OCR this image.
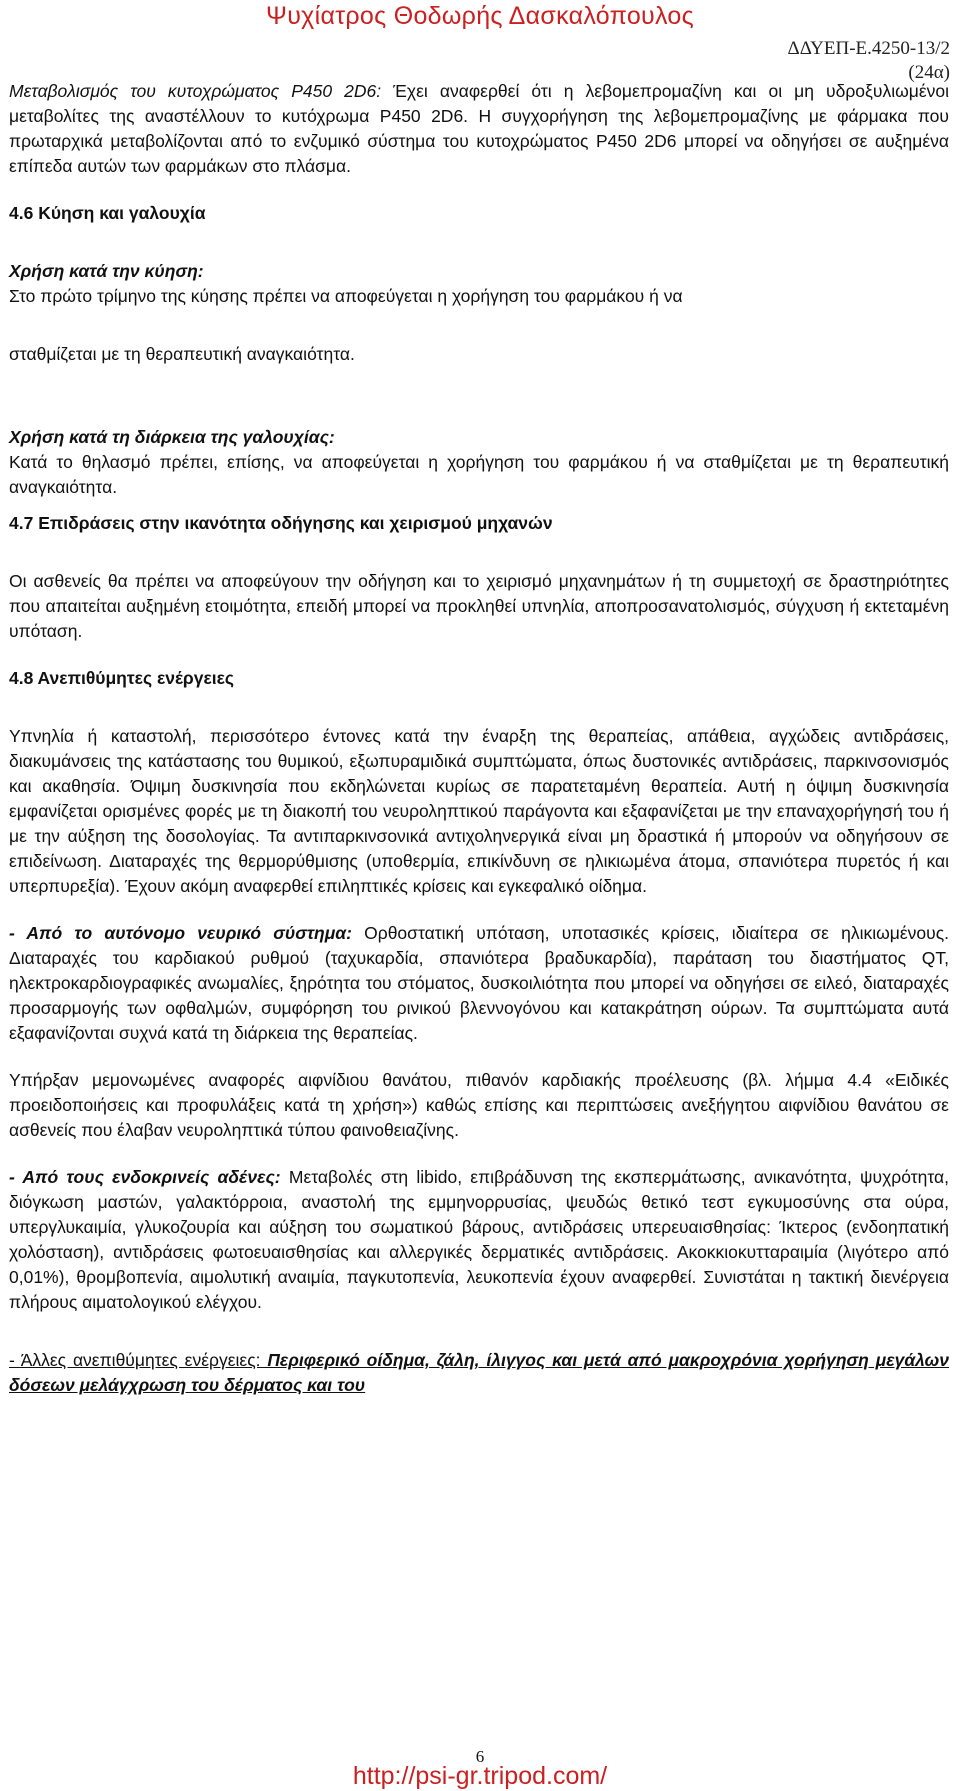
Ψυχίατρος Θοδωρής Δασκαλόπουλος
ΔΔΥΕΠ-Ε.4250-13/2
(24α)

Μεταβολισμός του κυτοχρώματος P450 2D6: Έχει αναφερθεί ότι η λεβομεπρομαζίνη και οι μη υδροξυλιωμένοι μεταβολίτες της αναστέλλουν το κυτόχρωμα P450 2D6. Η συγχορήγηση της λεβομεπρομαζίνης με φάρμακα που πρωταρχικά μεταβολίζονται από το ενζυμικό σύστημα του κυτοχρώματος P450 2D6 μπορεί να οδηγήσει σε αυξημένα επίπεδα αυτών των φαρμάκων στο πλάσμα.

4.6 Κύηση και γαλουχία

Χρήση κατά την κύηση:

Στο πρώτο τρίμηνο της κύησης πρέπει να αποφεύγεται η χορήγηση του φαρμάκου ή να

σταθμίζεται με τη θεραπευτική αναγκαιότητα.

Χρήση κατά τη διάρκεια της γαλουχίας:

Κατά το θηλασμό πρέπει, επίσης, να αποφεύγεται η χορήγηση του φαρμάκου ή να σταθμίζεται με τη θεραπευτική αναγκαιότητα.

4.7 Επιδράσεις στην ικανότητα οδήγησης και χειρισμού μηχανών

Οι ασθενείς θα πρέπει να αποφεύγουν την οδήγηση και το χειρισμό μηχανημάτων ή τη συμμετοχή σε δραστηριότητες που απαιτείται αυξημένη ετοιμότητα, επειδή μπορεί να προκληθεί υπνηλία, αποπροσανατολισμός, σύγχυση ή εκτεταμένη υπόταση.

4.8 Ανεπιθύμητες ενέργειες

Υπνηλία ή καταστολή, περισσότερο έντονες κατά την έναρξη της θεραπείας, απάθεια, αγχώδεις αντιδράσεις, διακυμάνσεις της κατάστασης του θυμικού, εξωπυραμιδικά συμπτώματα, όπως δυστονικές αντιδράσεις, παρκινσονισμός και ακαθησία. Όψιμη δυσκινησία που εκδηλώνεται κυρίως σε παρατεταμένη θεραπεία. Αυτή η όψιμη δυσκινησία εμφανίζεται ορισμένες φορές με τη διακοπή του νευροληπτικού παράγοντα και εξαφανίζεται με την επαναχορήγησή του ή με την αύξηση της δοσολογίας. Τα αντιπαρκινσονικά αντιχοληνεργικά είναι μη δραστικά ή μπορούν να οδηγήσουν σε επιδείνωση. Διαταραχές της θερμορύθμισης (υποθερμία, επικίνδυνη σε ηλικιωμένα άτομα, σπανιότερα πυρετός ή και υπερπυρεξία). Έχουν ακόμη αναφερθεί επιληπτικές κρίσεις και εγκεφαλικό οίδημα.

- Από το αυτόνομο νευρικό σύστημα: Ορθοστατική υπόταση, υποτασικές κρίσεις, ιδιαίτερα σε ηλικιωμένους. Διαταραχές του καρδιακού ρυθμού (ταχυκαρδία, σπανιότερα βραδυκαρδία), παράταση του διαστήματος QT, ηλεκτροκαρδιογραφικές ανωμαλίες, ξηρότητα του στόματος, δυσκοιλιότητα που μπορεί να οδηγήσει σε ειλεό, διαταραχές προσαρμογής των οφθαλμών, συμφόρηση του ρινικού βλεννογόνου και κατακράτηση ούρων. Τα συμπτώματα αυτά εξαφανίζονται συχνά κατά τη διάρκεια της θεραπείας.

Υπήρξαν μεμονωμένες αναφορές αιφνίδιου θανάτου, πιθανόν καρδιακής προέλευσης (βλ. λήμμα 4.4 «Ειδικές προειδοποιήσεις και προφυλάξεις κατά τη χρήση») καθώς επίσης και περιπτώσεις ανεξήγητου αιφνίδιου θανάτου σε ασθενείς που έλαβαν νευροληπτικά τύπου φαινοθειαζίνης.

- Από τους ενδοκρινείς αδένες: Μεταβολές στη libido, επιβράδυνση της εκσπερμάτωσης, ανικανότητα, ψυχρότητα, διόγκωση μαστών, γαλακτόρροια, αναστολή της εμμηνορρυσίας, ψευδώς θετικό τεστ εγκυμοσύνης στα ούρα, υπεργλυκαιμία, γλυκοζουρία και αύξηση του σωματικού βάρους, αντιδράσεις υπερευαισθησίας: Ίκτερος (ενδοηπατική χολόσταση), αντιδράσεις φωτοευαισθησίας και αλλεργικές δερματικές αντιδράσεις. Ακοκκιοκυτταραιμία (λιγότερο από 0,01%), θρομβοπενία, αιμολυτική αναιμία, παγκυτοπενία, λευκοπενία έχουν αναφερθεί. Συνιστάται η τακτική διενέργεια πλήρους αιματολογικού ελέγχου.

- Άλλες ανεπιθύμητες ενέργειες: Περιφερικό οίδημα, ζάλη, ίλιγγος και μετά από μακροχρόνια χορήγηση μεγάλων δόσεων μελάγχρωση του δέρματος και του

6
http://psi-gr.tripod.com/
